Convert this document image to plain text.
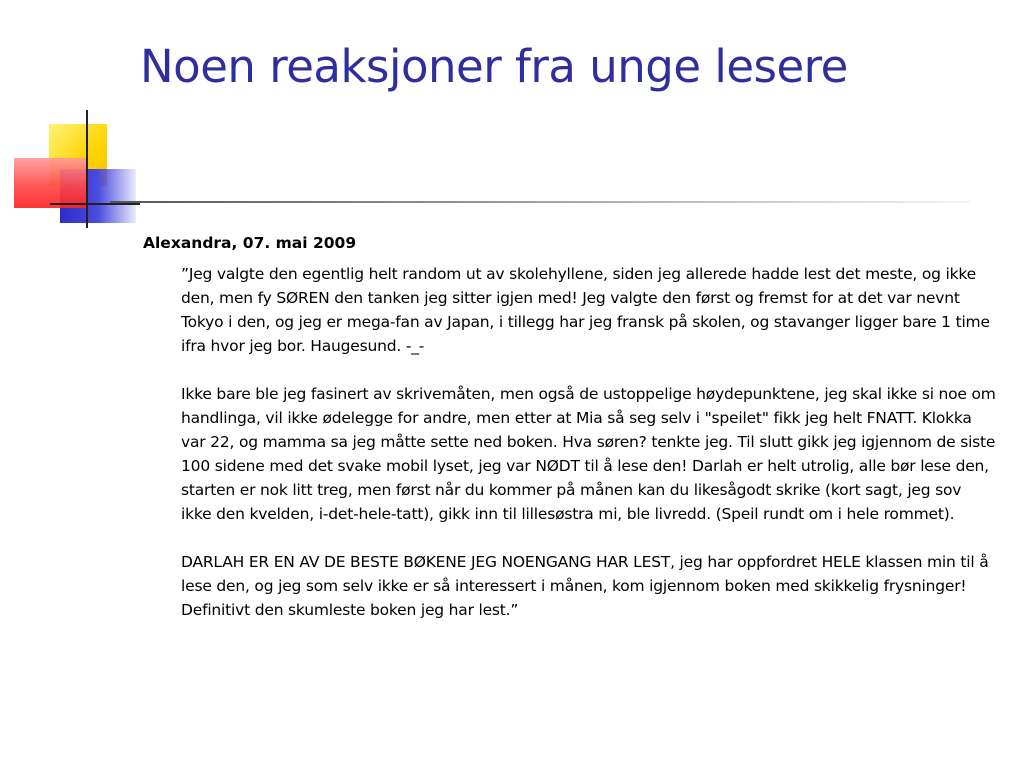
Noen reaksjoner fra unge lesere
Alexandra, 07. mai 2009

”Jeg valgte den egentlig helt random ut av skolehyllene, siden jeg allerede hadde lest det meste, og ikke den, men fy SØREN den tanken jeg sitter igjen med! Jeg valgte den først og fremst for at det var nevnt Tokyo i den, og jeg er mega-fan av Japan, i tillegg har jeg fransk på skolen, og stavanger ligger bare 1 time ifra hvor jeg bor. Haugesund. -_-

Ikke bare ble jeg fasinert av skrivemåten, men også de ustoppelige høydepunktene, jeg skal ikke si noe om handlinga, vil ikke ødelegge for andre, men etter at Mia så seg selv i "speilet" fikk jeg helt FNATT. Klokka var 22, og mamma sa jeg måtte sette ned boken. Hva søren? tenkte jeg. Til slutt gikk jeg igjennom de siste 100 sidene med det svake mobil lyset, jeg var NØDT til å lese den! Darlah er helt utrolig, alle bør lese den, starten er nok litt treg, men først når du kommer på månen kan du likesågodt skrike (kort sagt, jeg sov ikke den kvelden, i-det-hele-tatt), gikk inn til lillesøstra mi, ble livredd. (Speil rundt om i hele rommet).

DARLAH ER EN AV DE BESTE BØKENE JEG NOENGANG HAR LEST, jeg har oppfordret HELE klassen min til å lese den, og jeg som selv ikke er så interessert i månen, kom igjennom boken med skikkelig frysninger! Definitivt den skumleste boken jeg har lest.”
